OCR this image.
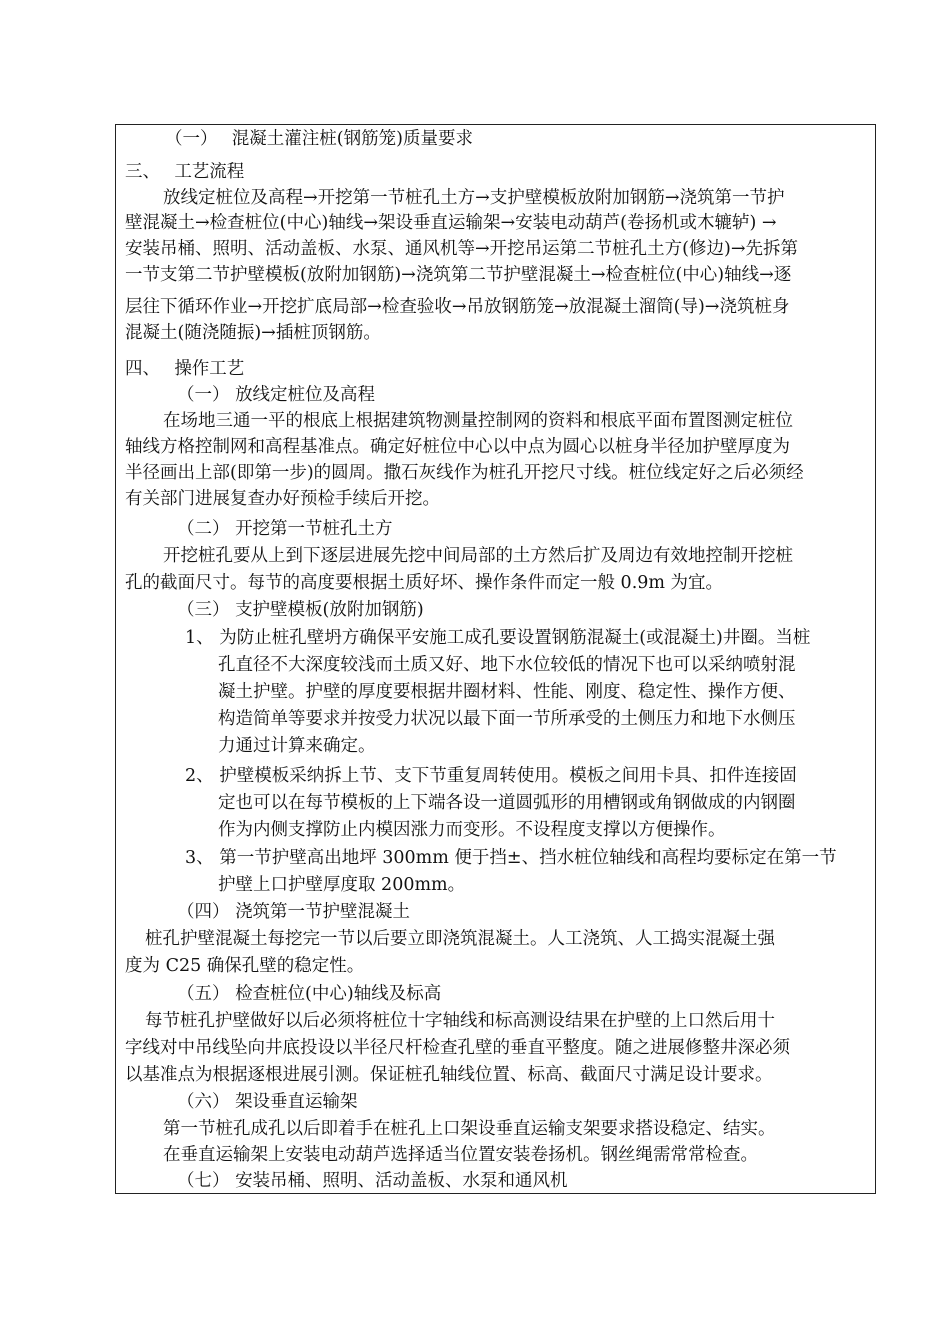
（一）　 混凝土灌注桩(钢筋笼)质量要求
三、　 工艺流程
放线定桩位及高程→开挖第一节桩孔土方→支护壁模板放附加钢筋→浇筑第一节护
壁混凝土→检查桩位(中心)轴线→架设垂直运输架→安装电动葫芦(卷扬机或木辘轳) →
安装吊桶、照明、活动盖板、水泵、通风机等→开挖吊运第二节桩孔土方(修边)→先拆第
一节支第二节护壁模板(放附加钢筋)→浇筑第二节护壁混凝土→检查桩位(中心)轴线→逐
层往下循环作业→开挖扩底局部→检查验收→吊放钢筋笼→放混凝土溜筒(导)→浇筑桩身
混凝土(随浇随振)→插桩顶钢筋。
四、　 操作工艺
（一） 放线定桩位及高程
在场地三通一平的根底上根据建筑物测量控制网的资料和根底平面布置图测定桩位
轴线方格控制网和高程基准点。确定好桩位中心以中点为圆心以桩身半径加护壁厚度为
半径画出上部(即第一步)的圆周。撒石灰线作为桩孔开挖尺寸线。桩位线定好之后必须经
有关部门进展复查办好预检手续后开挖。
（二） 开挖第一节桩孔土方
开挖桩孔要从上到下逐层进展先挖中间局部的土方然后扩及周边有效地控制开挖桩
孔的截面尺寸。每节的高度要根据土质好坏、操作条件而定一般 0.9m 为宜。
（三） 支护壁模板(放附加钢筋)
1、 为防止桩孔壁坍方确保平安施工成孔要设置钢筋混凝土(或混凝土)井圈。当桩
孔直径不大深度较浅而土质又好、地下水位较低的情况下也可以采纳喷射混
凝土护壁。护壁的厚度要根据井圈材料、性能、刚度、稳定性、操作方便、
构造简单等要求并按受力状况以最下面一节所承受的土侧压力和地下水侧压
力通过计算来确定。
2、 护壁模板采纳拆上节、支下节重复周转使用。模板之间用卡具、扣件连接固
定也可以在每节模板的上下端各设一道圆弧形的用槽钢或角钢做成的内钢圈
作为内侧支撑防止内模因涨力而变形。不设程度支撑以方便操作。
3、 第一节护壁高出地坪 300mm 便于挡±、挡水桩位轴线和高程均要标定在第一节
护壁上口护壁厚度取 200mm。
（四） 浇筑第一节护壁混凝土
桩孔护壁混凝土每挖完一节以后要立即浇筑混凝土。人工浇筑、人工捣实混凝土强
度为 C25 确保孔壁的稳定性。
（五） 检查桩位(中心)轴线及标高
每节桩孔护壁做好以后必须将桩位十字轴线和标高测设结果在护壁的上口然后用十
字线对中吊线坠向井底投设以半径尺杆检查孔壁的垂直平整度。随之进展修整井深必须
以基准点为根据逐根进展引测。保证桩孔轴线位置、标高、截面尺寸满足设计要求。
（六） 架设垂直运输架
第一节桩孔成孔以后即着手在桩孔上口架设垂直运输支架要求搭设稳定、结实。
在垂直运输架上安装电动葫芦选择适当位置安装卷扬机。钢丝绳需常常检查。
（七） 安装吊桶、照明、活动盖板、水泵和通风机
